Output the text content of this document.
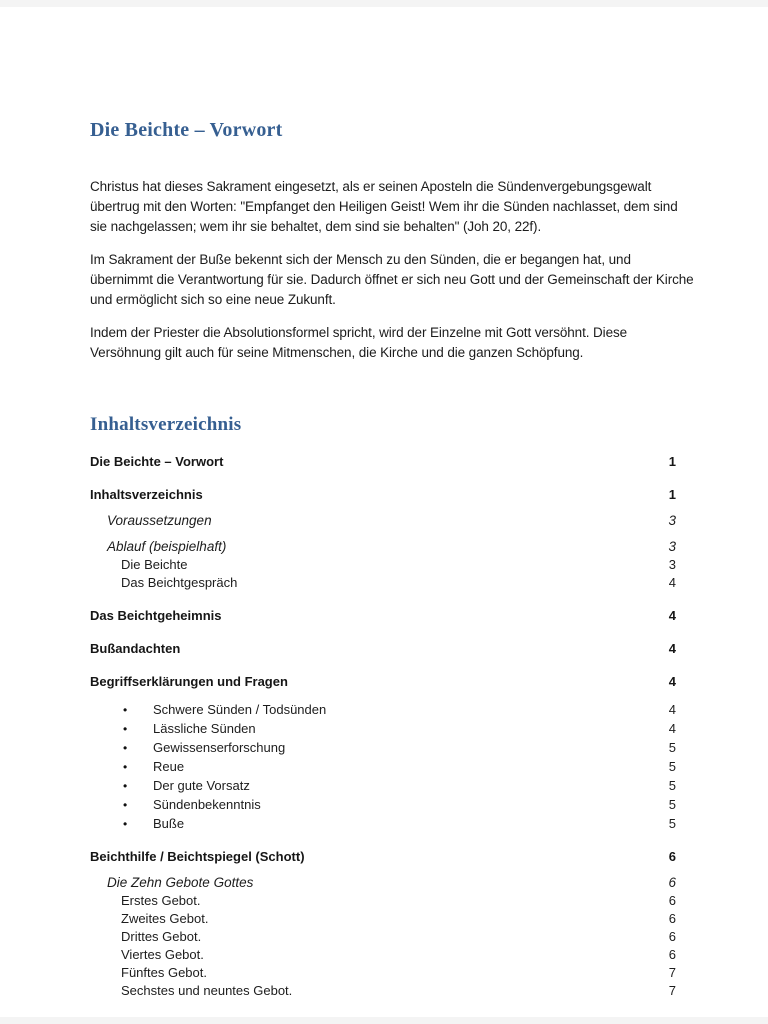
Die Beichte – Vorwort

Christus hat dieses Sakrament eingesetzt, als er seinen Aposteln die Sündenvergebungsgewalt übertrug mit den Worten: "Empfanget den Heiligen Geist! Wem ihr die Sünden nachlasset, dem sind sie nachgelassen; wem ihr sie behaltet, dem sind sie behalten" (Joh 20, 22f).

Im Sakrament der Buße bekennt sich der Mensch zu den Sünden, die er begangen hat, und übernimmt die Verantwortung für sie. Dadurch öffnet er sich neu Gott und der Gemeinschaft der Kirche und ermöglicht sich so eine neue Zukunft.

Indem der Priester die Absolutionsformel spricht, wird der Einzelne mit Gott versöhnt. Diese Versöhnung gilt auch für seine Mitmenschen, die Kirche und die ganzen Schöpfung.

Inhaltsverzeichnis
Die Beichte – Vorwort	1
Inhaltsverzeichnis	1
Voraussetzungen	3
Ablauf (beispielhaft)	3
Die Beichte	3
Das Beichtgespräch	4
Das Beichtgeheimnis	4
Bußandachten	4
Begriffserklärungen und Fragen	4
•	Schwere Sünden / Todsünden	4
•	Lässliche Sünden	4
•	Gewissenserforschung	5
•	Reue	5
•	Der gute Vorsatz	5
•	Sündenbekenntnis	5
•	Buße	5
Beichthilfe / Beichtspiegel (Schott)	6
Die Zehn Gebote Gottes	6
Erstes Gebot.	6
Zweites Gebot.	6
Drittes Gebot.	6
Viertes Gebot.	6
Fünftes Gebot.	7
Sechstes und neuntes Gebot.	7
